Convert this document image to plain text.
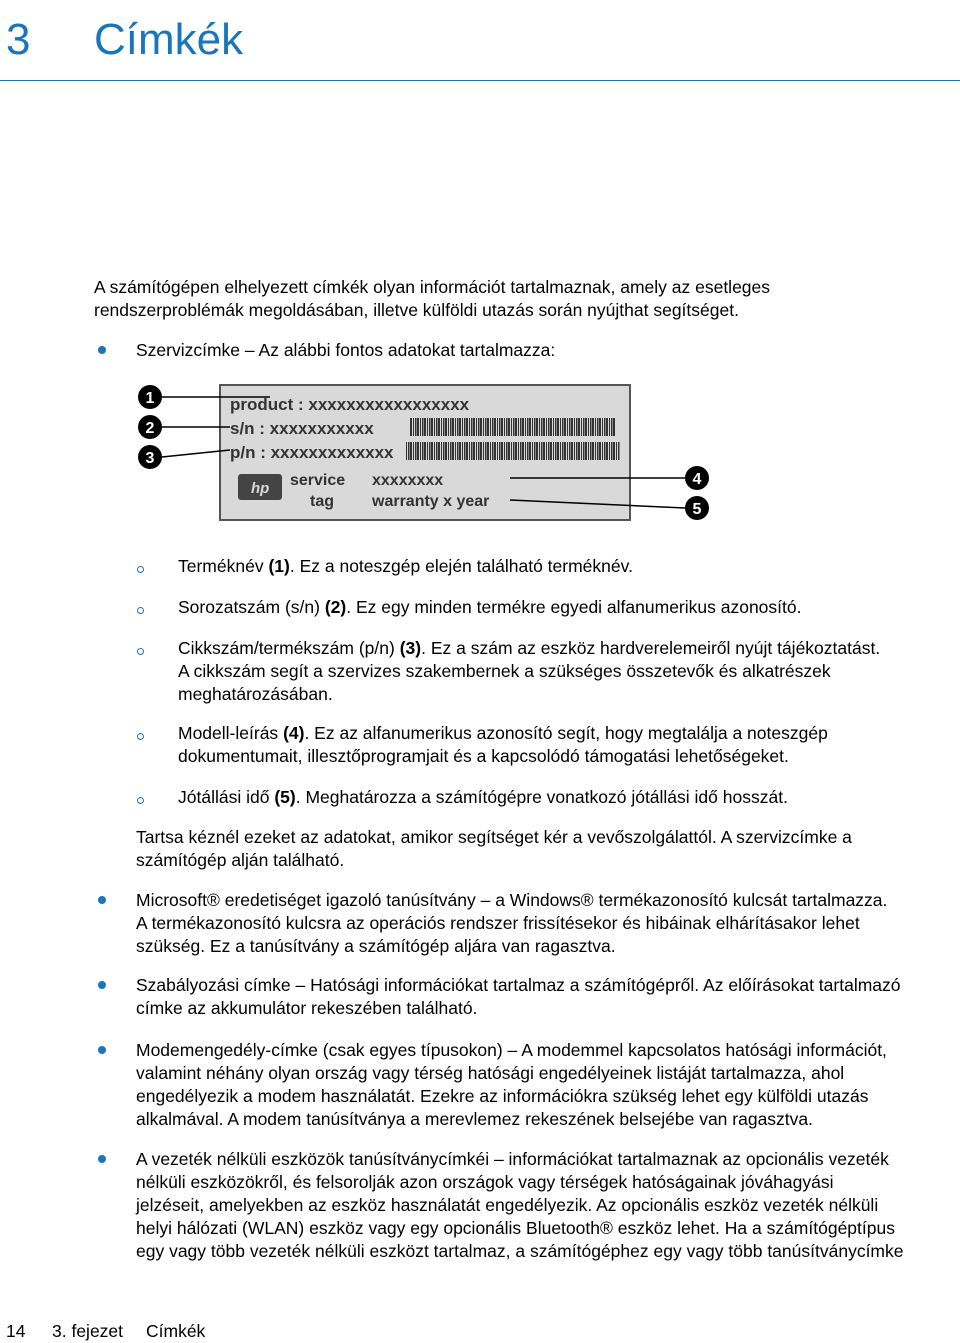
3 Címkék
A számítógépen elhelyezett címkék olyan információt tartalmaznak, amely az esetleges rendszerproblémák megoldásában, illetve külföldi utazás során nyújthat segítséget.
Szervizcímke – Az alábbi fontos adatokat tartalmazza:
product : xxxxxxxxxxxxxxxxx
s/n : xxxxxxxxxxx
p/n : xxxxxxxxxxxxx
hp service
tag
xxxxxxxx
warranty x year
1
2
3
4
5
Terméknév (1). Ez a noteszgép elején található terméknév.
Sorozatszám (s/n) (2). Ez egy minden termékre egyedi alfanumerikus azonosító.
Cikkszám/termékszám (p/n) (3). Ez a szám az eszköz hardverelemeiről nyújt tájékoztatást.
A cikkszám segít a szervizes szakembernek a szükséges összetevők és alkatrészek
meghatározásában.
Modell-leírás (4). Ez az alfanumerikus azonosító segít, hogy megtalálja a noteszgép
dokumentumait, illesztőprogramjait és a kapcsolódó támogatási lehetőségeket.
Jótállási idő (5). Meghatározza a számítógépre vonatkozó jótállási idő hosszát.
Tartsa kéznél ezeket az adatokat, amikor segítséget kér a vevőszolgálattól. A szervizcímke a
számítógép alján található.
Microsoft® eredetiséget igazoló tanúsítvány – a Windows® termékazonosító kulcsát tartalmazza.
A termékazonosító kulcsra az operációs rendszer frissítésekor és hibáinak elhárításakor lehet
szükség. Ez a tanúsítvány a számítógép aljára van ragasztva.
Szabályozási címke – Hatósági információkat tartalmaz a számítógépről. Az előírásokat tartalmazó
címke az akkumulátor rekeszében található.
Modemengedély-címke (csak egyes típusokon) – A modemmel kapcsolatos hatósági információt,
valamint néhány olyan ország vagy térség hatósági engedélyeinek listáját tartalmazza, ahol
engedélyezik a modem használatát. Ezekre az információkra szükség lehet egy külföldi utazás
alkalmával. A modem tanúsítványa a merevlemez rekeszének belsejébe van ragasztva.
A vezeték nélküli eszközök tanúsítványcímkéi – információkat tartalmaznak az opcionális vezeték
nélküli eszközökről, és felsorolják azon országok vagy térségek hatóságainak jóváhagyási
jelzéseit, amelyekben az eszköz használatát engedélyezik. Az opcionális eszköz vezeték nélküli
helyi hálózati (WLAN) eszköz vagy egy opcionális Bluetooth® eszköz lehet. Ha a számítógéptípus
egy vagy több vezeték nélküli eszközt tartalmaz, a számítógéphez egy vagy több tanúsítványcímke
14 3. fejezet Címkék
